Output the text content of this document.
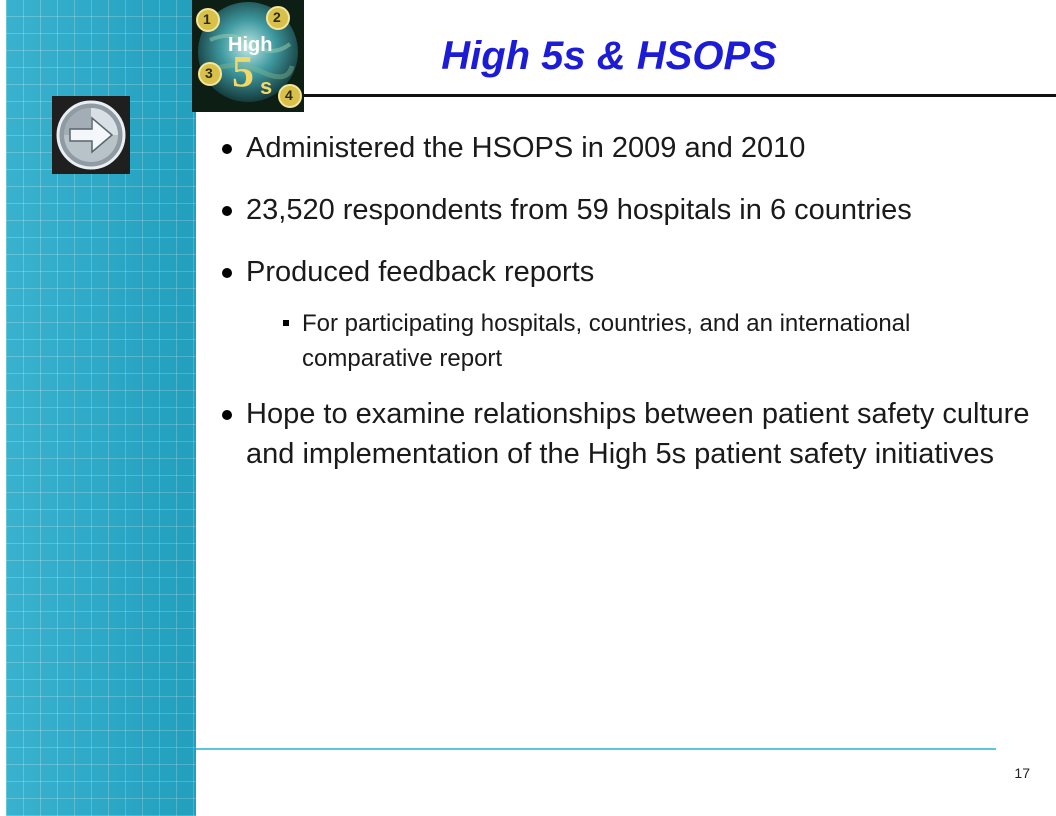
1	2
3
4
High
5 s
High 5s & HSOPS

Administered the HSOPS in 2009 and 2010

23,520 respondents from 59 hospitals in 6 countries

Produced feedback reports

For participating hospitals, countries, and an international comparative report

Hope to examine relationships between patient safety culture and implementation of the High 5s patient safety initiatives

17
